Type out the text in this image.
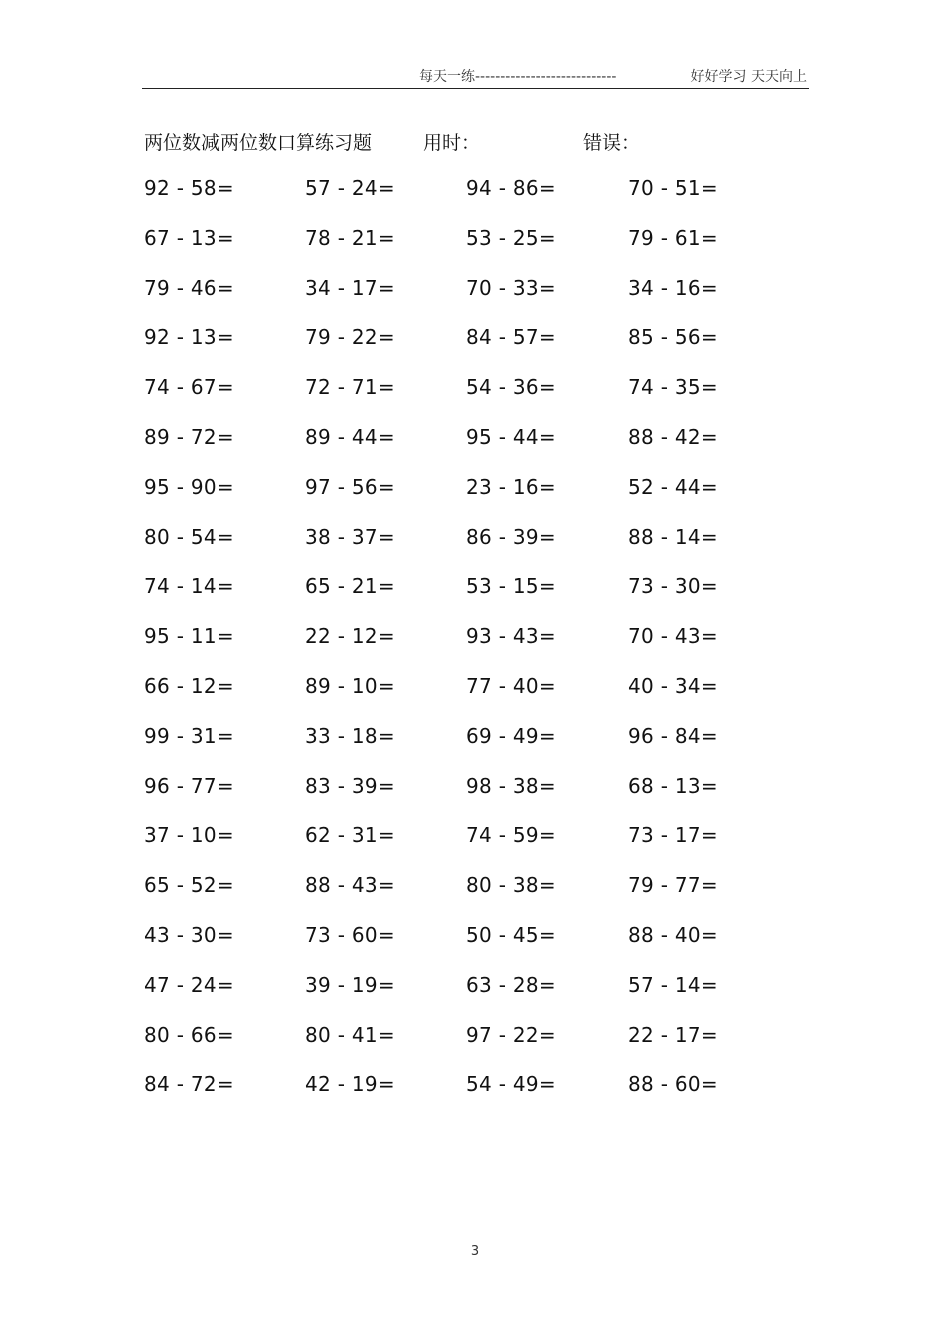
每天一练----------------------------	好好学习 天天向上
两位数减两位数口算练习题	用时：	错误：
92 - 58=	57 - 24=	94 - 86=	70 - 51=
67 - 13=	78 - 21=	53 - 25=	79 - 61=
79 - 46=	34 - 17=	70 - 33=	34 - 16=
92 - 13=	79 - 22=	84 - 57=	85 - 56=
74 - 67=	72 - 71=	54 - 36=	74 - 35=
89 - 72=	89 - 44=	95 - 44=	88 - 42=
95 - 90=	97 - 56=	23 - 16=	52 - 44=
80 - 54=	38 - 37=	86 - 39=	88 - 14=
74 - 14=	65 - 21=	53 - 15=	73 - 30=
95 - 11=	22 - 12=	93 - 43=	70 - 43=
66 - 12=	89 - 10=	77 - 40=	40 - 34=
99 - 31=	33 - 18=	69 - 49=	96 - 84=
96 - 77=	83 - 39=	98 - 38=	68 - 13=
37 - 10=	62 - 31=	74 - 59=	73 - 17=
65 - 52=	88 - 43=	80 - 38=	79 - 77=
43 - 30=	73 - 60=	50 - 45=	88 - 40=
47 - 24=	39 - 19=	63 - 28=	57 - 14=
80 - 66=	80 - 41=	97 - 22=	22 - 17=
84 - 72=	42 - 19=	54 - 49=	88 - 60=
3
